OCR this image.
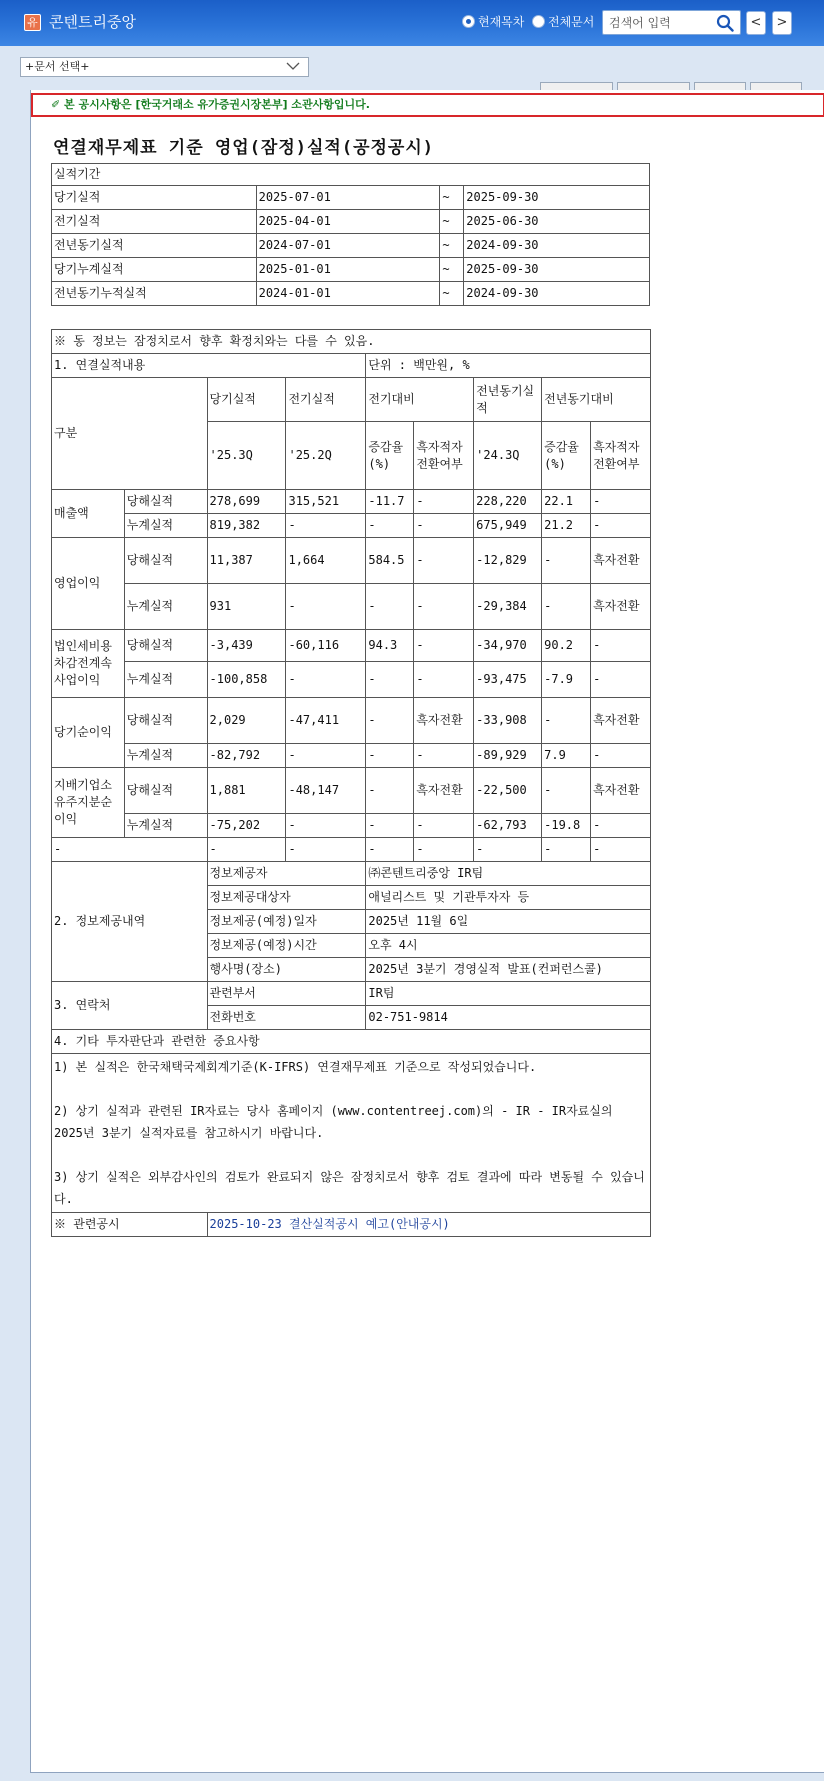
유 콘텐트리중앙	현재목차 전체문서
검색어 입력	<	>
+문서 선택+
✐ 본 공시사항은 [한국거래소 유가증권시장본부] 소관사항입니다.
연결재무제표 기준 영업(잠정)실적(공정공시)
실적기간			
당기실적	2025-07-01	~	2025-09-30
전기실적	2025-04-01	~	2025-06-30
전년동기실적	2024-07-01	~	2024-09-30
당기누계실적	2025-01-01	~	2025-09-30
전년동기누적실적	2024-01-01	~	2024-09-30
※ 동 정보는 잠정치로서 향후 확정치와는 다를 수 있음.								
1. 연결실적내용				단위 : 백만원, %				
구분		당기실적	전기실적	전기대비		전년동기실적	전년동기대비	
		'25.3Q	'25.2Q	증감율(%)	흑자적자전환여부	'24.3Q	증감율(%)	흑자적자전환여부
매출액	당해실적	278,699	315,521	-11.7	-	228,220	22.1	-
	누계실적	819,382	-	-	-	675,949	21.2	-
영업이익	당해실적	11,387	1,664	584.5	-	-12,829	-	흑자전환
	누계실적	931	-	-	-	-29,384	-	흑자전환
법인세비용차감전계속사업이익	당해실적	-3,439	-60,116	94.3	-	-34,970	90.2	-
	누계실적	-100,858	-	-	-	-93,475	-7.9	-
당기순이익	당해실적	2,029	-47,411	-	흑자전환	-33,908	-	흑자전환
	누계실적	-82,792	-	-	-	-89,929	7.9	-
지배기업소유주지분순이익	당해실적	1,881	-48,147	-	흑자전환	-22,500	-	흑자전환
	누계실적	-75,202	-	-	-	-62,793	-19.8	-
-		-	-	-	-	-	-	-
2. 정보제공내역		정보제공자		㈜콘텐트리중앙 IR팀				
		정보제공대상자		애널리스트 및 기관투자자 등				
		정보제공(예정)일자		2025년 11월 6일				
		정보제공(예정)시간		오후 4시				
		행사명(장소)		2025년 3분기 경영실적 발표(컨퍼런스콜)				
3. 연락처		관련부서		IR팀				
		전화번호		02-751-9814				
4. 기타 투자판단과 관련한 중요사항								

1) 본 실적은 한국채택국제회계기준(K-IFRS) 연결재무제표 기준으로 작성되었습니다.
2) 상기 실적과 관련된 IR자료는 당사 홈페이지 (www.contentreej.com)의 - IR - IR자료실의 2025년 3분기 실적자료를 참고하시기 바랍니다.
3) 상기 실적은 외부감사인의 검토가 완료되지 않은 잠정치로서 향후 검토 결과에 따라 변동될 수 있습니다.								

※ 관련공시		2025-10-23 결산실적공시 예고(안내공시)						
